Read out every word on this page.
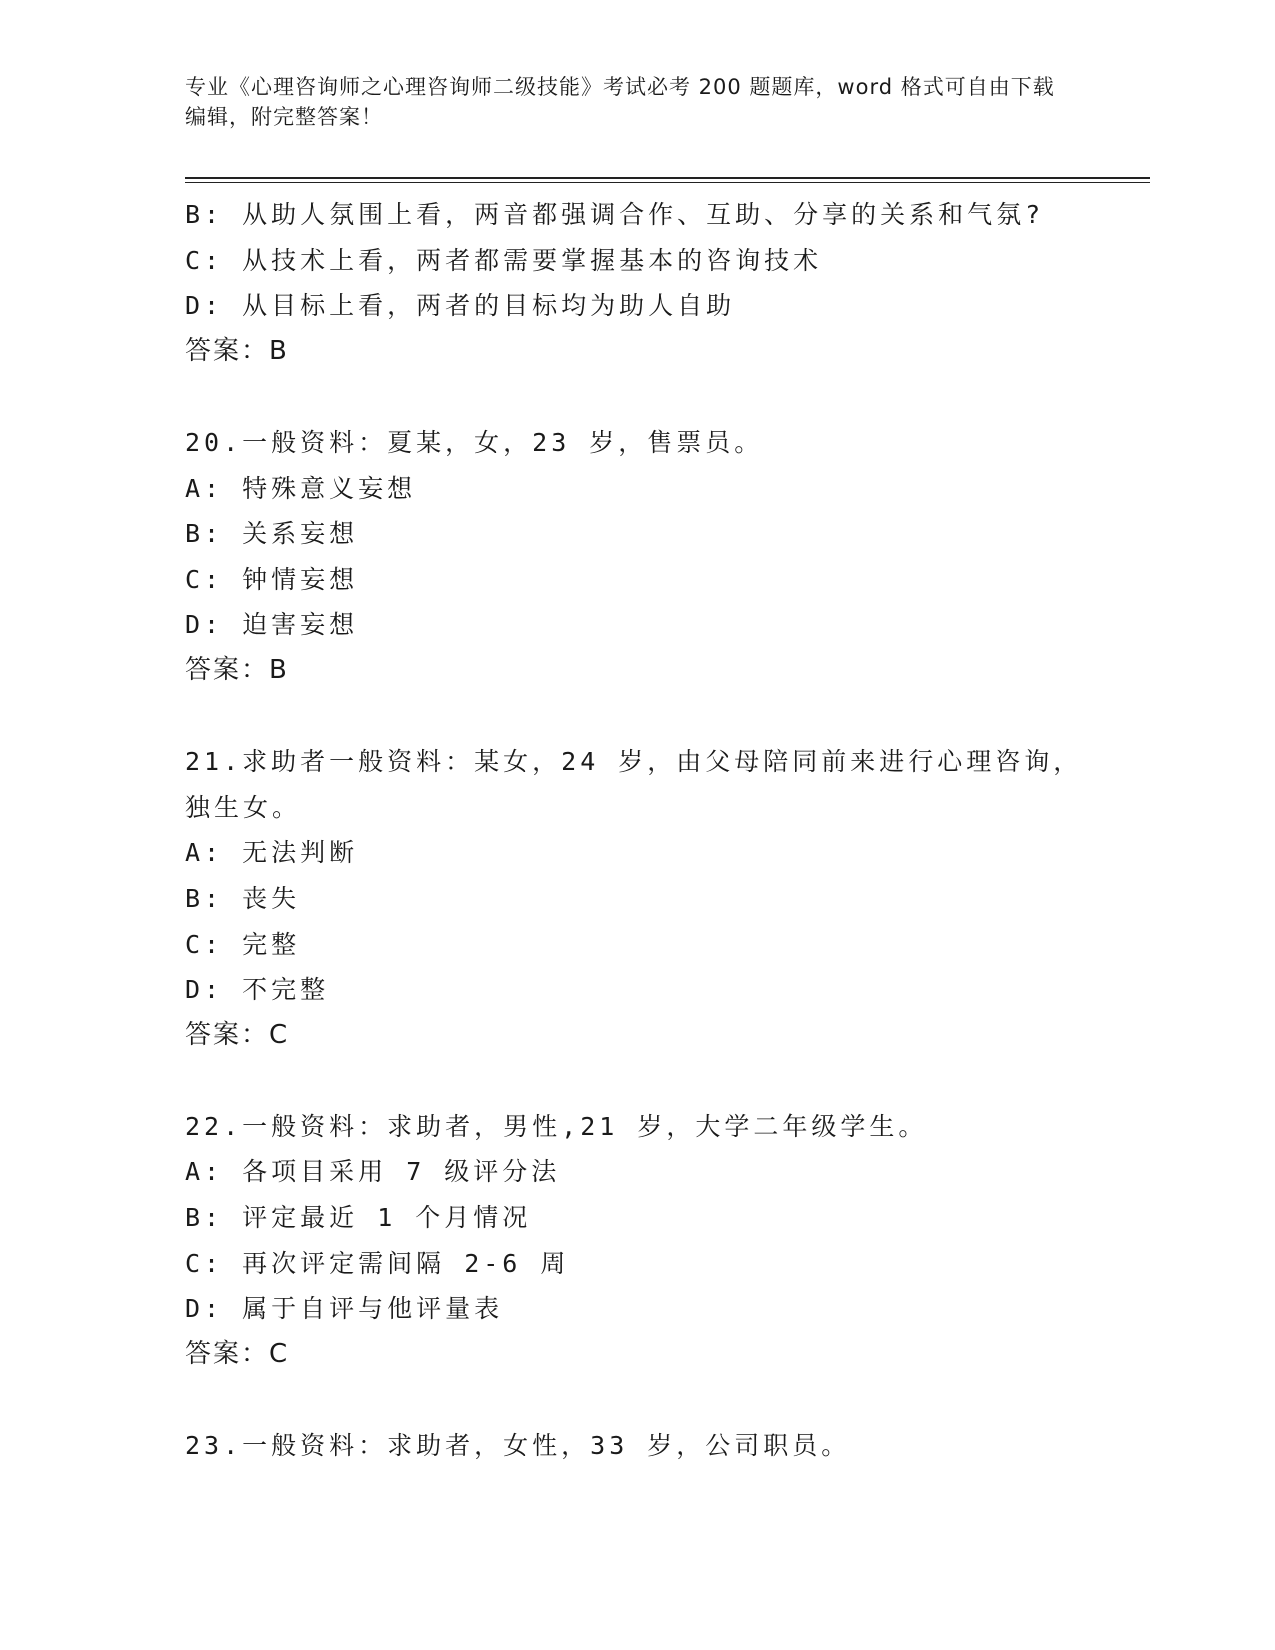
专业《心理咨询师之心理咨询师二级技能》考试必考 200 题题库，word 格式可自由下载编辑，附完整答案！
B: 从助人氛围上看，两音都强调合作、互助、分享的关系和气氛?
C: 从技术上看，两者都需要掌握基本的咨询技术
D: 从目标上看，两者的目标均为助人自助
答案：B
20.一般资料：夏某，女，23 岁，售票员。
A: 特殊意义妄想
B: 关系妄想
C: 钟情妄想
D: 迫害妄想
答案：B
21.求助者一般资料：某女，24 岁，由父母陪同前来进行心理咨询，独生女。
A: 无法判断
B: 丧失
C: 完整
D: 不完整
答案：C
22.一般资料：求助者，男性,21 岁，大学二年级学生。
A: 各项目采用 7 级评分法
B: 评定最近 1 个月情况
C: 再次评定需间隔 2-6 周
D: 属于自评与他评量表
答案：C
23.一般资料：求助者，女性，33 岁，公司职员。
